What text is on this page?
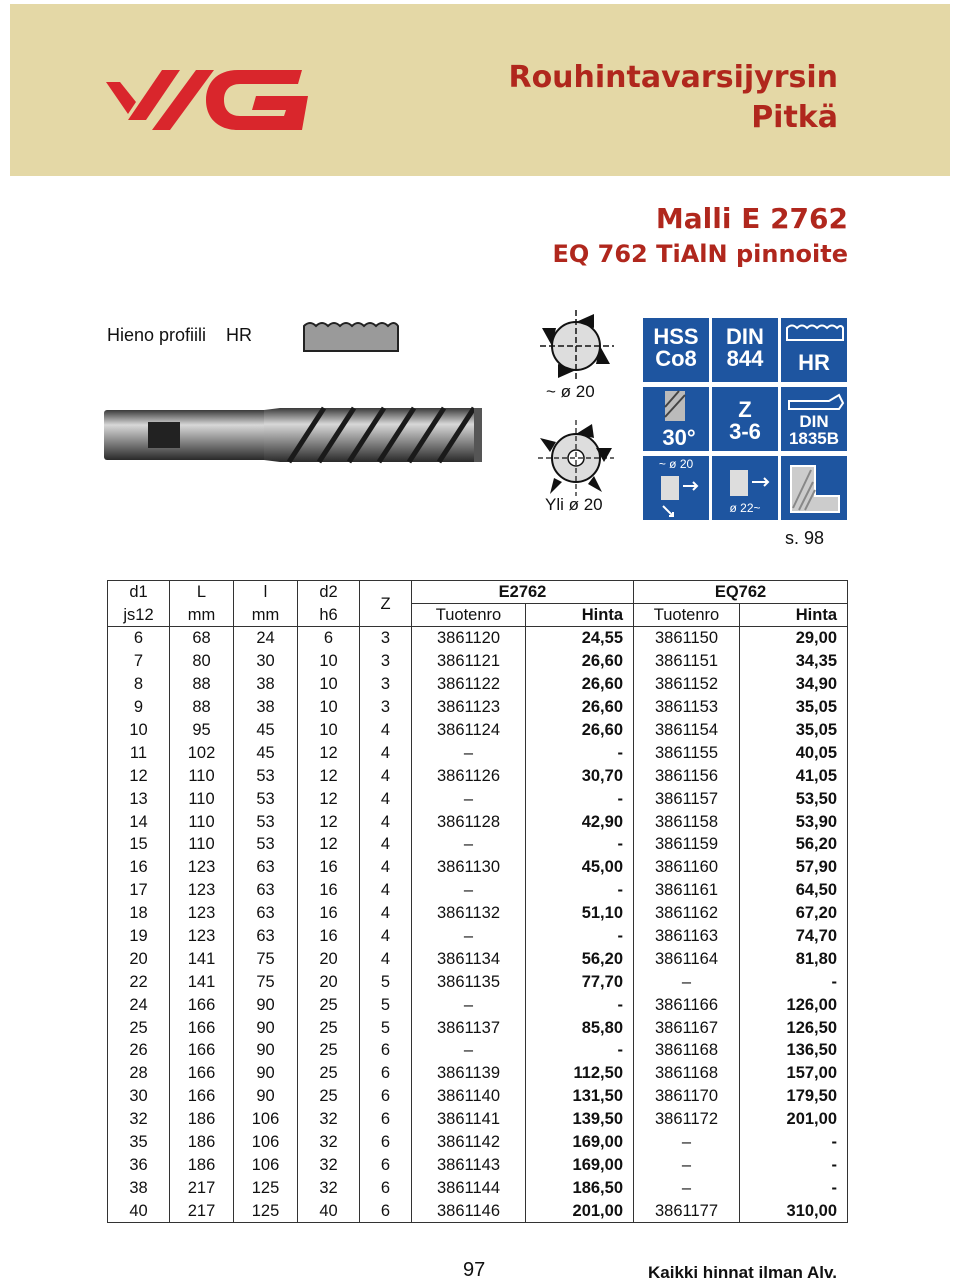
Rouhintavarsijyrsin
Pitkä
Malli E 2762
EQ 762 TiAlN pinnoite
Hieno profiili HR
~ ø 20
Yli ø 20
HSS
Co8
DIN
844	HR
30°
Z
3-6	DIN
1835B
~ ø 20
ø 22~
s. 98
d1	L	l	d2	Z	E2762		EQ762	
js12	mm	mm	h6		Tuotenro	Hinta	Tuotenro	Hinta
6	68	24	6	3	3861120	24,55	3861150	29,00
7	80	30	10	3	3861121	26,60	3861151	34,35
8	88	38	10	3	3861122	26,60	3861152	34,90
9	88	38	10	3	3861123	26,60	3861153	35,05
10	95	45	10	4	3861124	26,60	3861154	35,05
11	102	45	12	4	–	-	3861155	40,05
12	110	53	12	4	3861126	30,70	3861156	41,05
13	110	53	12	4	–	-	3861157	53,50
14	110	53	12	4	3861128	42,90	3861158	53,90
15	110	53	12	4	–	-	3861159	56,20
16	123	63	16	4	3861130	45,00	3861160	57,90
17	123	63	16	4	–	-	3861161	64,50
18	123	63	16	4	3861132	51,10	3861162	67,20
19	123	63	16	4	–	-	3861163	74,70
20	141	75	20	4	3861134	56,20	3861164	81,80
22	141	75	20	5	3861135	77,70	–	-
24	166	90	25	5	–	-	3861166	126,00
25	166	90	25	5	3861137	85,80	3861167	126,50
26	166	90	25	6	–	-	3861168	136,50
28	166	90	25	6	3861139	112,50	3861168	157,00
30	166	90	25	6	3861140	131,50	3861170	179,50
32	186	106	32	6	3861141	139,50	3861172	201,00
35	186	106	32	6	3861142	169,00	–	-
36	186	106	32	6	3861143	169,00	–	-
38	217	125	32	6	3861144	186,50	–	-
40	217	125	40	6	3861146	201,00	3861177	310,00
97	Kaikki hinnat ilman Alv.
